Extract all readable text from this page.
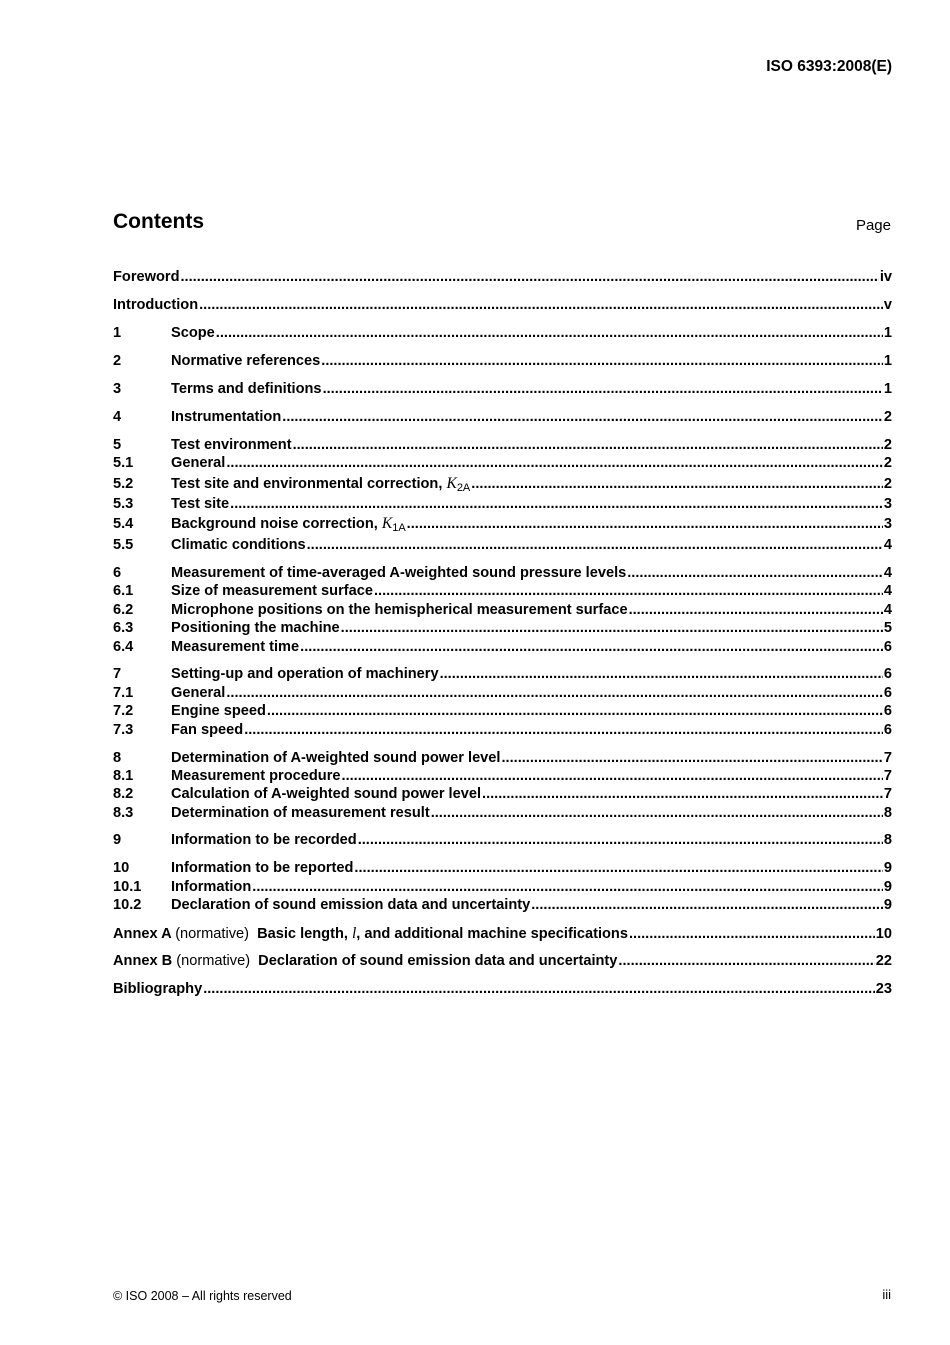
ISO 6393:2008(E)
Contents	Page
Foreword .....	iv
Introduction .....	v
1	Scope .....	1
2	Normative references .....	1
3	Terms and definitions .....	1
4	Instrumentation .....	2
5	Test environment .....	2
5.1	General .....	2
5.2	Test site and environmental correction, $K_{2A}$ .....	2
5.3	Test site .....	3
5.4	Background noise correction, $K_{1A}$ .....	3
5.5	Climatic conditions .....	4
6	Measurement of time-averaged A-weighted sound pressure levels .....	4
6.1	Size of measurement surface .....	4
6.2	Microphone positions on the hemispherical measurement surface .....	4
6.3	Positioning the machine .....	5
6.4	Measurement time .....	6
7	Setting-up and operation of machinery .....	6
7.1	General .....	6
7.2	Engine speed .....	6
7.3	Fan speed .....	6
8	Determination of A-weighted sound power level .....	7
8.1	Measurement procedure .....	7
8.2	Calculation of A-weighted sound power level .....	7
8.3	Determination of measurement result .....	8
9	Information to be recorded .....	8
10	Information to be reported .....	9
10.1	Information .....	9
10.2	Declaration of sound emission data and uncertainty .....	9
Annex A (normative) Basic length, l, and additional machine specifications .....	10
Annex B (normative) Declaration of sound emission data and uncertainty .....	22
Bibliography .....	23
© ISO 2008 – All rights reserved	iii
